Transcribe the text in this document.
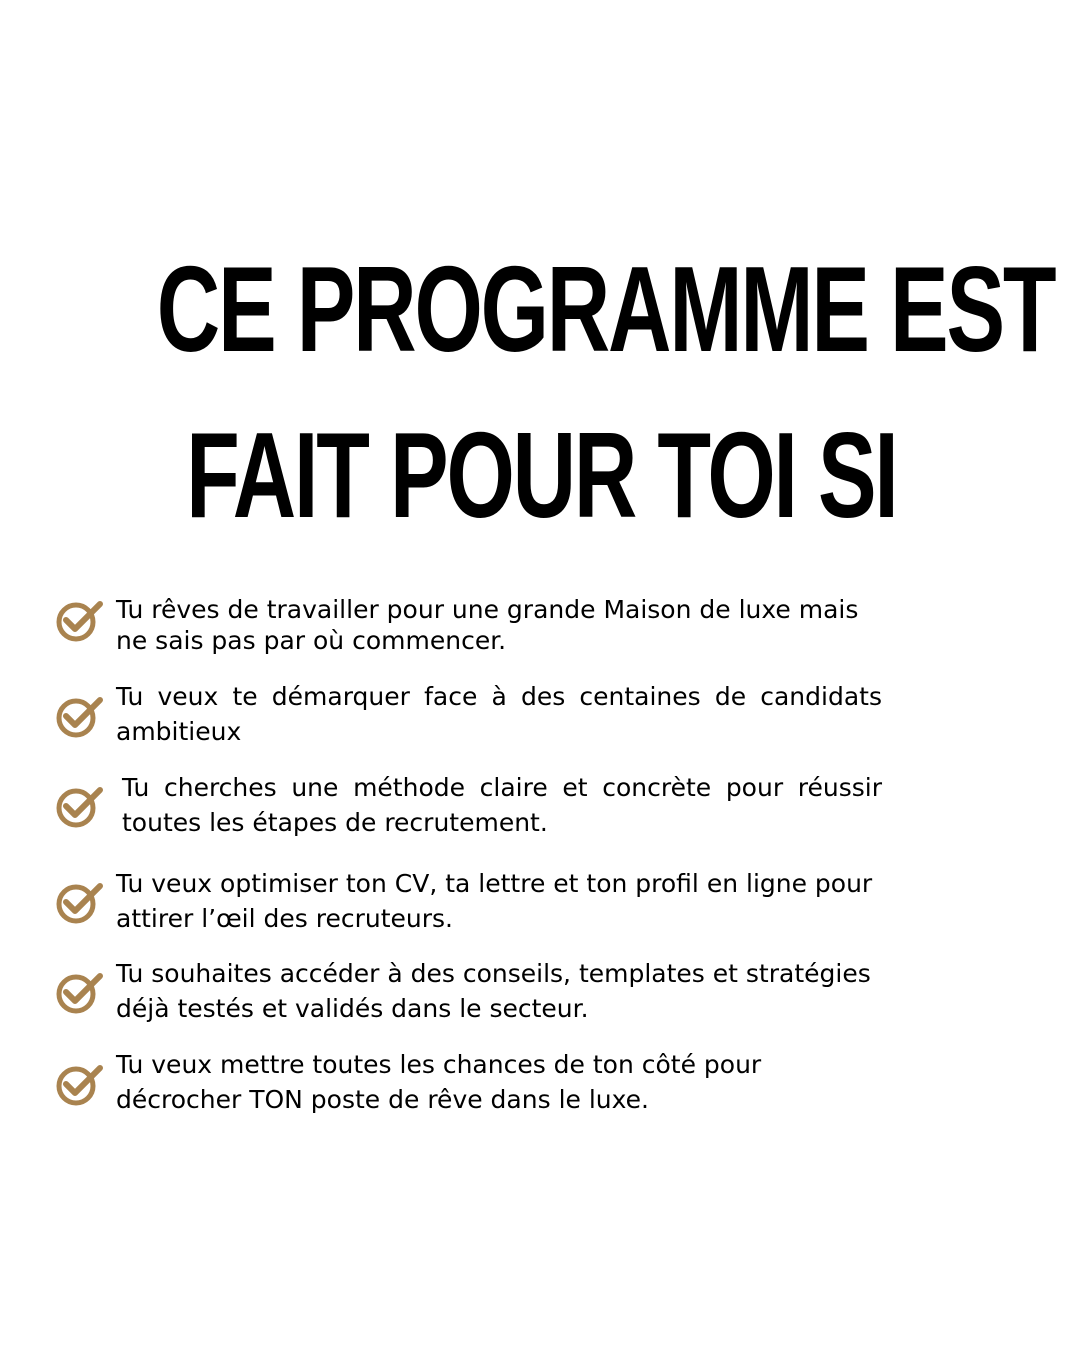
CE PROGRAMME EST
FAIT POUR TOI SI
Tu rêves de travailler pour une grande Maison de luxe mais ne sais pas par où commencer.
Tu veux te démarquer face à des centaines de candidats ambitieux
Tu cherches une méthode claire et concrète pour réussir toutes les étapes de recrutement.
Tu veux optimiser ton CV, ta lettre et ton profil en ligne pour attirer l’œil des recruteurs.
Tu souhaites accéder à des conseils, templates et stratégies déjà testés et validés dans le secteur.
Tu veux mettre toutes les chances de ton côté pour décrocher TON poste de rêve dans le luxe.
